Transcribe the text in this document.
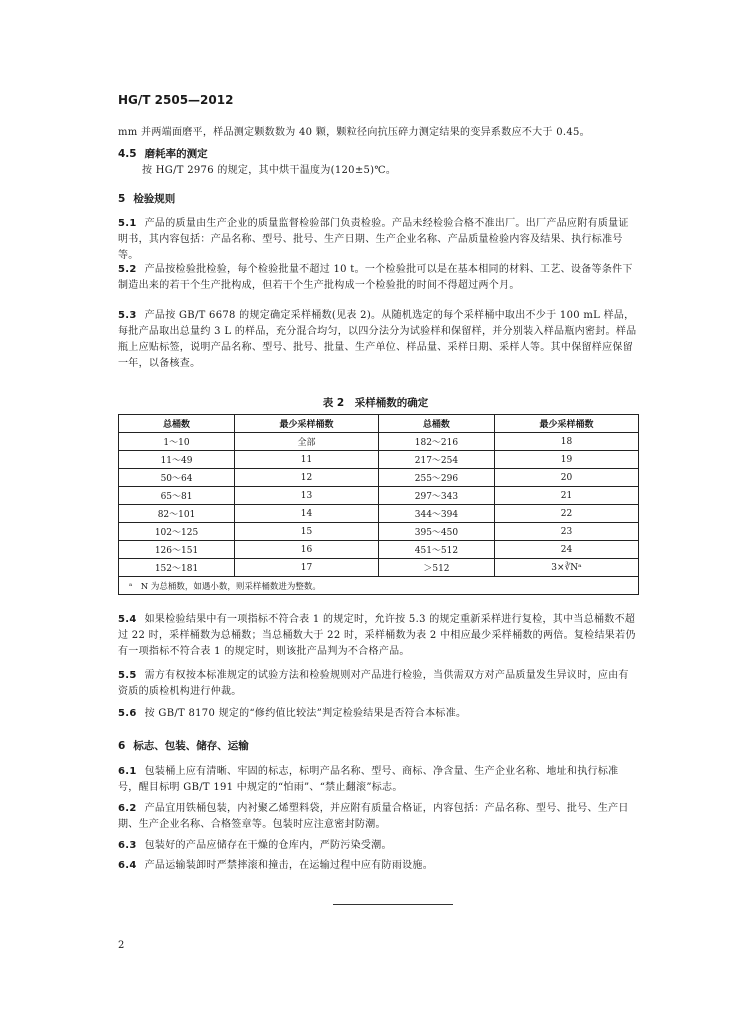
HG/T 2505—2012
mm 并两端面磨平，样品测定颗数数为 40 颗，颗粒径向抗压碎力测定结果的变异系数应不大于 0.45。
4.5 磨耗率的测定
按 HG/T 2976 的规定，其中烘干温度为(120±5)℃。
5 检验规则
5.1 产品的质量由生产企业的质量监督检验部门负责检验。产品未经检验合格不准出厂。出厂产品应附有质量证明书，其内容包括：产品名称、型号、批号、生产日期、生产企业名称、产品质量检验内容及结果、执行标准号等。
5.2 产品按检验批检验，每个检验批量不超过 10 t。一个检验批可以是在基本相同的材料、工艺、设备等条件下制造出来的若干个生产批构成，但若干个生产批构成一个检验批的时间不得超过两个月。
5.3 产品按 GB/T 6678 的规定确定采样桶数(见表 2)。从随机选定的每个采样桶中取出不少于 100 mL 样品，每批产品取出总量约 3 L 的样品，充分混合均匀，以四分法分为试验样和保留样，并分别装入样品瓶内密封。样品瓶上应贴标签，说明产品名称、型号、批号、批量、生产单位、样品量、采样日期、采样人等。其中保留样应保留一年，以备核查。
表 2　采样桶数的确定
总桶数	最少采样桶数	总桶数	最少采样桶数
1～10	全部	182～216	18
11～49	11	217～254	19
50～64	12	255～296	20
65～81	13	297～343	21
82～101	14	344～394	22
102～125	15	395～450	23
126～151	16	451～512	24
152～181	17	＞512	3×∛Nᵃ
ᵃ　N 为总桶数，如遇小数，则采样桶数进为整数。			
5.4 如果检验结果中有一项指标不符合表 1 的规定时，允许按 5.3 的规定重新采样进行复检，其中当总桶数不超过 22 时，采样桶数为总桶数；当总桶数大于 22 时，采样桶数为表 2 中相应最少采样桶数的两倍。复检结果若仍有一项指标不符合表 1 的规定时，则该批产品判为不合格产品。
5.5 需方有权按本标准规定的试验方法和检验规则对产品进行检验，当供需双方对产品质量发生异议时，应由有资质的质检机构进行仲裁。
5.6 按 GB/T 8170 规定的“修约值比较法”判定检验结果是否符合本标准。
6 标志、包装、储存、运输
6.1 包装桶上应有清晰、牢固的标志，标明产品名称、型号、商标、净含量、生产企业名称、地址和执行标准号，醒目标明 GB/T 191 中规定的“怕雨”、“禁止翻滚”标志。
6.2 产品宜用铁桶包装，内衬聚乙烯塑料袋，并应附有质量合格证，内容包括：产品名称、型号、批号、生产日期、生产企业名称、合格签章等。包装时应注意密封防潮。
6.3 包装好的产品应储存在干燥的仓库内，严防污染受潮。
6.4 产品运输装卸时严禁摔滚和撞击，在运输过程中应有防雨设施。
2
